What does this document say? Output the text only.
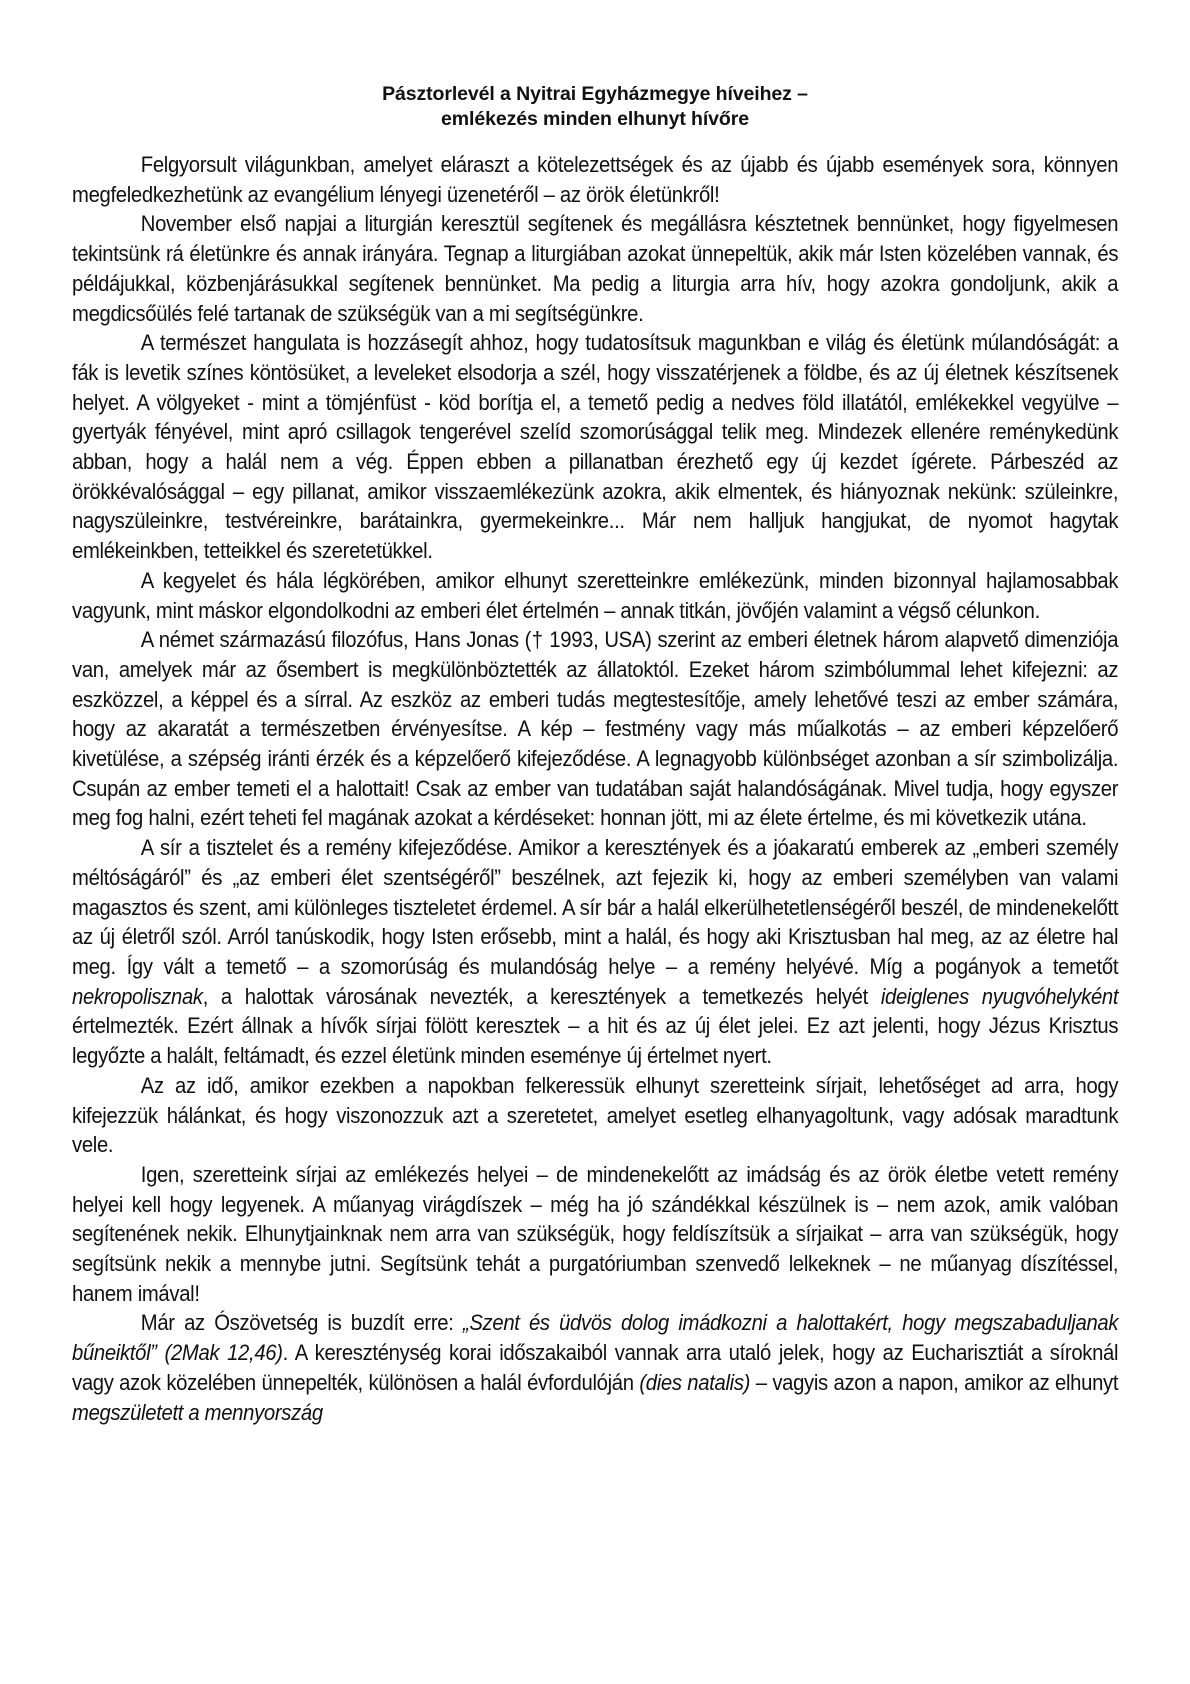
Pásztorlevél a Nyitrai Egyházmegye híveihez –
emlékezés minden elhunyt hívőre

Felgyorsult világunkban, amelyet eláraszt a kötelezettségek és az újabb és újabb események sora, könnyen megfeledkezhetünk az evangélium lényegi üzenetéről – az örök életünkről!

November első napjai a liturgián keresztül segítenek és megállásra késztetnek bennünket, hogy figyelmesen tekintsünk rá életünkre és annak irányára. Tegnap a liturgiában azokat ünnepeltük, akik már Isten közelében vannak, és példájukkal, közbenjárásukkal segítenek bennünket. Ma pedig a liturgia arra hív, hogy azokra gondoljunk, akik a megdicsőülés felé tartanak de szükségük van a mi segítségünkre.

A természet hangulata is hozzásegít ahhoz, hogy tudatosítsuk magunkban e világ és életünk múlandóságát: a fák is levetik színes köntösüket, a leveleket elsodorja a szél, hogy visszatérjenek a földbe, és az új életnek készítsenek helyet. A völgyeket - mint a tömjénfüst - köd borítja el, a temető pedig a nedves föld illatától, emlékekkel vegyülve – gyertyák fényével, mint apró csillagok tengerével szelíd szomorúsággal telik meg. Mindezek ellenére reménykedünk abban, hogy a halál nem a vég. Éppen ebben a pillanatban érezhető egy új kezdet ígérete. Párbeszéd az örökkévalósággal – egy pillanat, amikor visszaemlékezünk azokra, akik elmentek, és hiányoznak nekünk: szüleinkre, nagyszüleinkre, testvéreinkre, barátainkra, gyermekeinkre... Már nem halljuk hangjukat, de nyomot hagytak emlékeinkben, tetteikkel és szeretetükkel.

A kegyelet és hála légkörében, amikor elhunyt szeretteinkre emlékezünk, minden bizonnyal hajlamosabbak vagyunk, mint máskor elgondolkodni az emberi élet értelmén – annak titkán, jövőjén valamint a végső célunkon.

A német származású filozófus, Hans Jonas († 1993, USA) szerint az emberi életnek három alapvető dimenziója van, amelyek már az ősembert is megkülönböztették az állatoktól. Ezeket három szimbólummal lehet kifejezni: az eszközzel, a képpel és a sírral. Az eszköz az emberi tudás megtestesítője, amely lehetővé teszi az ember számára, hogy az akaratát a természetben érvényesítse. A kép – festmény vagy más műalkotás – az emberi képzelőerő kivetülése, a szépség iránti érzék és a képzelőerő kifejeződése. A legnagyobb különbséget azonban a sír szimbolizálja. Csupán az ember temeti el a halottait! Csak az ember van tudatában saját halandóságának. Mivel tudja, hogy egyszer meg fog halni, ezért teheti fel magának azokat a kérdéseket: honnan jött, mi az élete értelme, és mi következik utána.

A sír a tisztelet és a remény kifejeződése. Amikor a keresztények és a jóakaratú emberek az „emberi személy méltóságáról” és „az emberi élet szentségéről” beszélnek, azt fejezik ki, hogy az emberi személyben van valami magasztos és szent, ami különleges tiszteletet érdemel. A sír bár a halál elkerülhetetlenségéről beszél, de mindenekelőtt az új életről szól. Arról tanúskodik, hogy Isten erősebb, mint a halál, és hogy aki Krisztusban hal meg, az az életre hal meg. Így vált a temető – a szomorúság és mulandóság helye – a remény helyévé. Míg a pogányok a temetőt nekropolisznak, a halottak városának nevezték, a keresztények a temetkezés helyét ideiglenes nyugvóhelyként értelmezték. Ezért állnak a hívők sírjai fölött keresztek – a hit és az új élet jelei. Ez azt jelenti, hogy Jézus Krisztus legyőzte a halált, feltámadt, és ezzel életünk minden eseménye új értelmet nyert.

Az az idő, amikor ezekben a napokban felkeressük elhunyt szeretteink sírjait, lehetőséget ad arra, hogy kifejezzük hálánkat, és hogy viszonozzuk azt a szeretetet, amelyet esetleg elhanyagoltunk, vagy adósak maradtunk vele.

Igen, szeretteink sírjai az emlékezés helyei – de mindenekelőtt az imádság és az örök életbe vetett remény helyei kell hogy legyenek. A műanyag virágdíszek – még ha jó szándékkal készülnek is – nem azok, amik valóban segítenének nekik. Elhunytjainknak nem arra van szükségük, hogy feldíszítsük a sírjaikat – arra van szükségük, hogy segítsünk nekik a mennybe jutni. Segítsünk tehát a purgatóriumban szenvedő lelkeknek – ne műanyag díszítéssel, hanem imával!

Már az Ószövetség is buzdít erre: „Szent és üdvös dolog imádkozni a halottakért, hogy megszabaduljanak bűneiktől” (2Mak 12,46). A kereszténység korai időszakaiból vannak arra utaló jelek, hogy az Eucharisztiát a síroknál vagy azok közelében ünnepelték, különösen a halál évfordulóján (dies natalis) – vagyis azon a napon, amikor az elhunyt megszületett a mennyország
